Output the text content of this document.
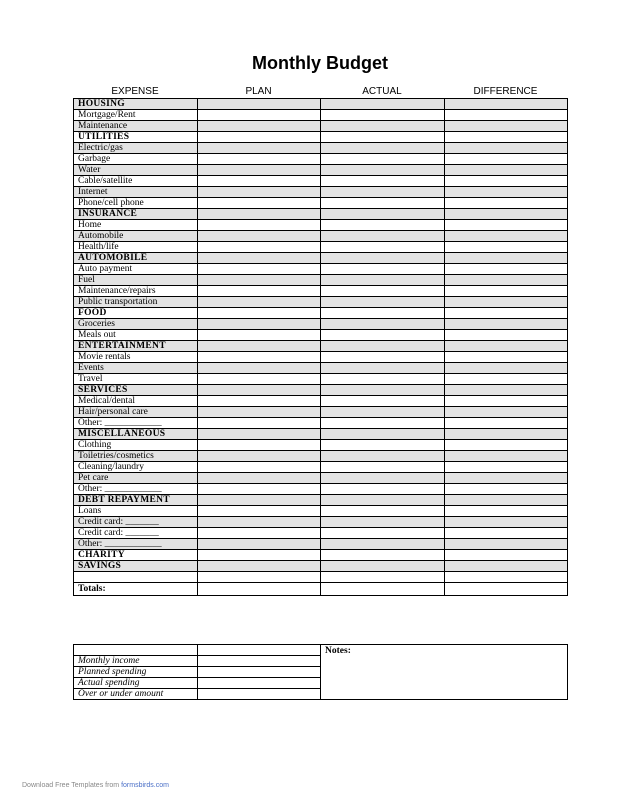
Monthly Budget
EXPENSE	PLAN	ACTUAL	DIFFERENCE
HOUSING			
Mortgage/Rent			
Maintenance			
UTILITIES			
Electric/gas			
Garbage			
Water			
Cable/satellite			
Internet			
Phone/cell phone			
INSURANCE			
Home			
Automobile			
Health/life			
AUTOMOBILE			
Auto payment			
Fuel			
Maintenance/repairs			
Public transportation			
FOOD			
Groceries			
Meals out			
ENTERTAINMENT			
Movie rentals			
Events			
Travel			
SERVICES			
Medical/dental			
Hair/personal care			
Other: ____________			
MISCELLANEOUS			
Clothing			
Toiletries/cosmetics			
Cleaning/laundry			
Pet care			
Other: ____________			
DEBT REPAYMENT			
Loans			
Credit card: _______			
Credit card: _______			
Other: ____________			
CHARITY			
SAVINGS			

Totals:			
		Notes:
Monthly income		
Planned spending		
Actual spending		
Over or under amount		
Download Free Templates from formsbirds.com
